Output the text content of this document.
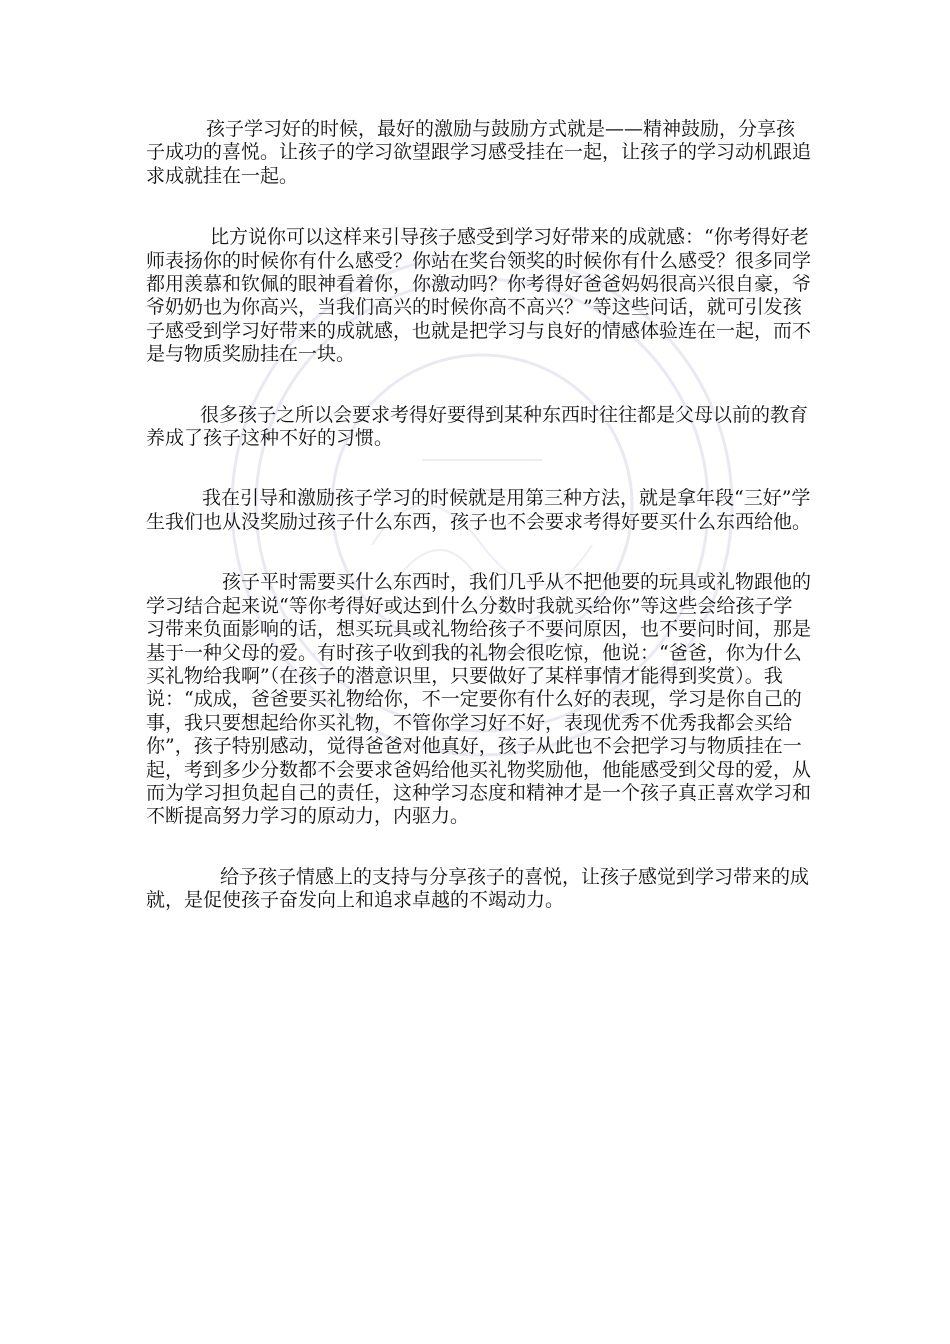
孩子学习好的时候，最好的激励与鼓励方式就是——精神鼓励，分享孩子成功的喜悦。让孩子的学习欲望跟学习感受挂在一起，让孩子的学习动机跟追求成就挂在一起。

比方说你可以这样来引导孩子感受到学习好带来的成就感：“你考得好老师表扬你的时候你有什么感受？你站在奖台领奖的时候你有什么感受？很多同学都用羡慕和钦佩的眼神看着你，你激动吗？你考得好爸爸妈妈很高兴很自豪，爷爷奶奶也为你高兴，当我们高兴的时候你高不高兴？”等这些问话，就可引发孩子感受到学习好带来的成就感，也就是把学习与良好的情感体验连在一起，而不是与物质奖励挂在一块。

很多孩子之所以会要求考得好要得到某种东西时往往都是父母以前的教育养成了孩子这种不好的习惯。

我在引导和激励孩子学习的时候就是用第三种方法，就是拿年段“三好”学生我们也从没奖励过孩子什么东西，孩子也不会要求考得好要买什么东西给他。

孩子平时需要买什么东西时，我们几乎从不把他要的玩具或礼物跟他的学习结合起来说“等你考得好或达到什么分数时我就买给你”等这些会给孩子学习带来负面影响的话，想买玩具或礼物给孩子不要问原因，也不要问时间，那是基于一种父母的爱。有时孩子收到我的礼物会很吃惊，他说：“爸爸，你为什么买礼物给我啊”（在孩子的潜意识里，只要做好了某样事情才能得到奖赏）。我说：“成成，爸爸要买礼物给你，不一定要你有什么好的表现，学习是你自己的事，我只要想起给你买礼物，不管你学习好不好，表现优秀不优秀我都会买给你”，孩子特别感动，觉得爸爸对他真好，孩子从此也不会把学习与物质挂在一起，考到多少分数都不会要求爸妈给他买礼物奖励他，他能感受到父母的爱，从而为学习担负起自己的责任，这种学习态度和精神才是一个孩子真正喜欢学习和不断提高努力学习的原动力，内驱力。

给予孩子情感上的支持与分享孩子的喜悦，让孩子感觉到学习带来的成就，是促使孩子奋发向上和追求卓越的不竭动力。
